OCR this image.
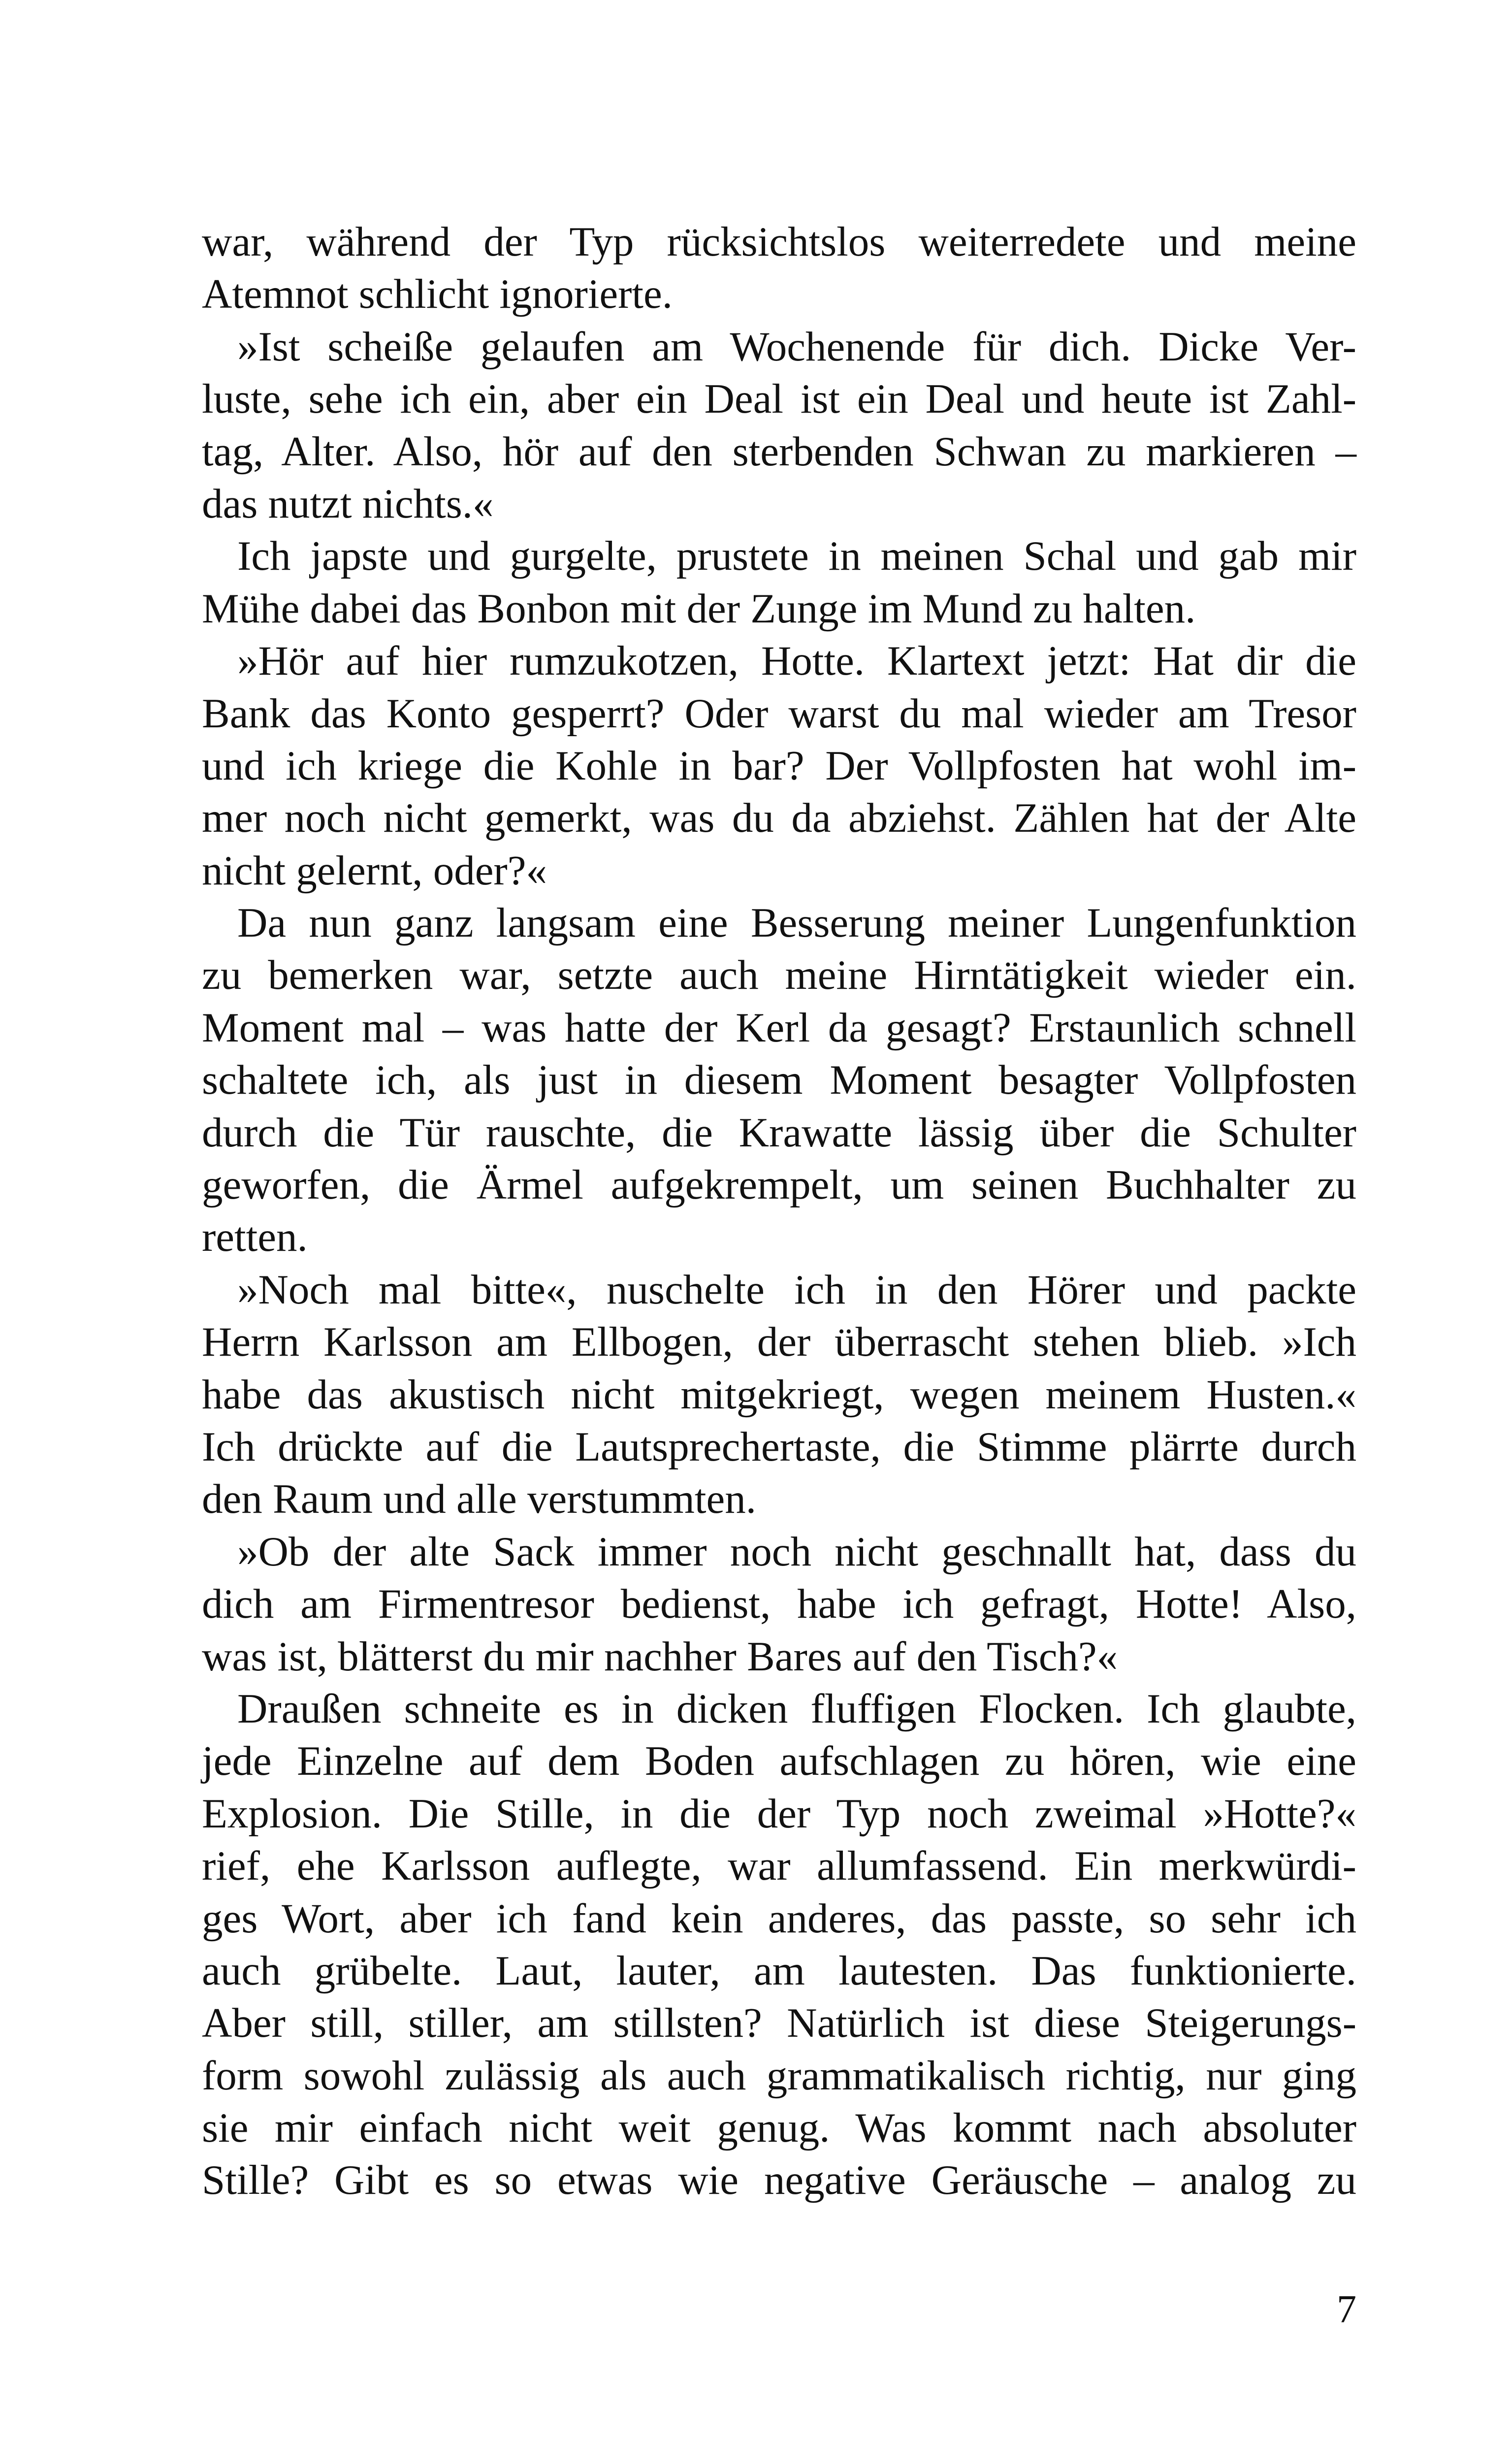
war, während der Typ rücksichtslos weiterredete und meine
Atemnot schlicht ignorierte.
»Ist scheiße gelaufen am Wochenende für dich. Dicke Ver-
luste, sehe ich ein, aber ein Deal ist ein Deal und heute ist Zahl-
tag, Alter. Also, hör auf den sterbenden Schwan zu markieren –
das nutzt nichts.«
Ich japste und gurgelte, prustete in meinen Schal und gab mir
Mühe dabei das Bonbon mit der Zunge im Mund zu halten.
»Hör auf hier rumzukotzen, Hotte. Klartext jetzt: Hat dir die
Bank das Konto gesperrt? Oder warst du mal wieder am Tresor
und ich kriege die Kohle in bar? Der Vollpfosten hat wohl im-
mer noch nicht gemerkt, was du da abziehst. Zählen hat der Alte
nicht gelernt, oder?«
Da nun ganz langsam eine Besserung meiner Lungenfunktion
zu bemerken war, setzte auch meine Hirntätigkeit wieder ein.
Moment mal – was hatte der Kerl da gesagt? Erstaunlich schnell
schaltete ich, als just in diesem Moment besagter Vollpfosten
durch die Tür rauschte, die Krawatte lässig über die Schulter
geworfen, die Ärmel aufgekrempelt, um seinen Buchhalter zu
retten.
»Noch mal bitte«, nuschelte ich in den Hörer und packte
Herrn Karlsson am Ellbogen, der überrascht stehen blieb. »Ich
habe das akustisch nicht mitgekriegt, wegen meinem Husten.«
Ich drückte auf die Lautsprechertaste, die Stimme plärrte durch
den Raum und alle verstummten.
»Ob der alte Sack immer noch nicht geschnallt hat, dass du
dich am Firmentresor bedienst, habe ich gefragt, Hotte! Also,
was ist, blätterst du mir nachher Bares auf den Tisch?«
Draußen schneite es in dicken fluffigen Flocken. Ich glaubte,
jede Einzelne auf dem Boden aufschlagen zu hören, wie eine
Explosion. Die Stille, in die der Typ noch zweimal »Hotte?«
rief, ehe Karlsson auflegte, war allumfassend. Ein merkwürdi-
ges Wort, aber ich fand kein anderes, das passte, so sehr ich
auch grübelte. Laut, lauter, am lautesten. Das funktionierte.
Aber still, stiller, am stillsten? Natürlich ist diese Steigerungs-
form sowohl zulässig als auch grammatikalisch richtig, nur ging
sie mir einfach nicht weit genug. Was kommt nach absoluter
Stille? Gibt es so etwas wie negative Geräusche – analog zu
7
